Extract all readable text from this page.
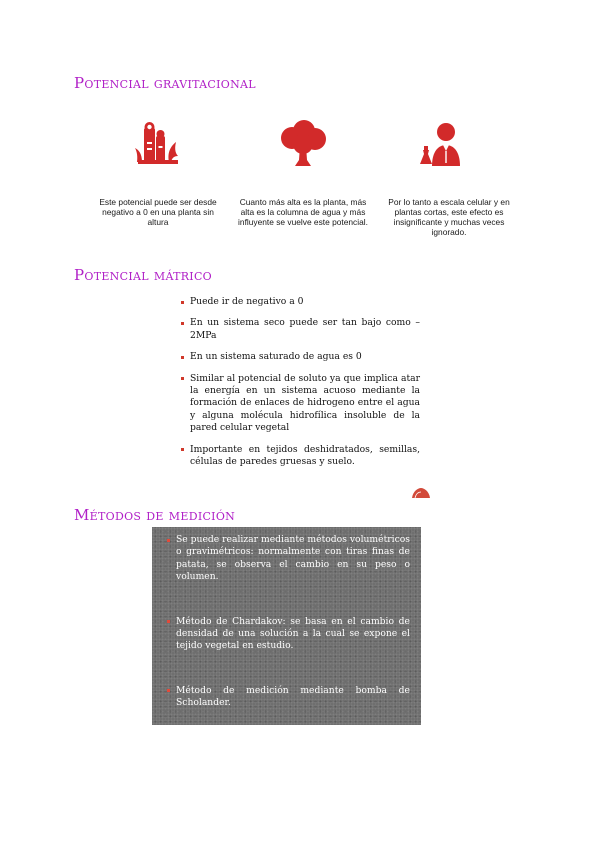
Potencial gravitacional
Este potencial puede ser desde negativo a 0 en una planta sin altura
Cuanto más alta es la planta, más alta es la columna de agua y más influyente se vuelve este potencial.
Por lo tanto a escala celular y en plantas cortas, este efecto es insignificante y muchas veces ignorado.
Potencial mátrico
Puede ir de negativo a 0
En un sistema seco puede ser tan bajo como –2MPa
En un sistema saturado de agua es 0
Similar al potencial de soluto ya que implica atar la energía en un sistema acuoso mediante la formación de enlaces de hidrogeno entre el agua y alguna molécula hidrofílica insoluble de la pared celular vegetal
Importante en tejidos deshidratados, semillas, células de paredes gruesas y suelo.
Métodos de medición
Se puede realizar mediante métodos volumétricos o gravimétricos: normalmente con tiras finas de patata, se observa el cambio en su peso o volumen.
Método de Chardakov: se basa en el cambio de densidad de una solución a la cual se expone el tejido vegetal en estudio.
Método de medición mediante bomba de Scholander.
